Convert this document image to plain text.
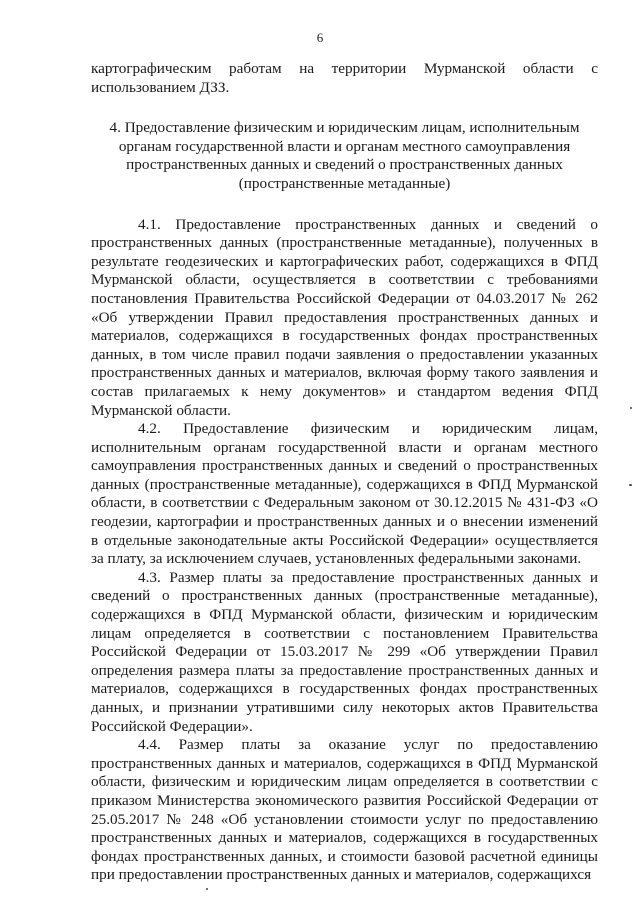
6

картографическим работам на территории Мурманской области с использованием ДЗЗ.

4. Предоставление физическим и юридическим лицам, исполнительным
органам государственной власти и органам местного самоуправления
пространственных данных и сведений о пространственных данных
(пространственные метаданные)

4.1. Предоставление пространственных данных и сведений о пространственных данных (пространственные метаданные), полученных в результате геодезических и картографических работ, содержащихся в ФПД Мурманской области, осуществляется в соответствии с требованиями постановления Правительства Российской Федерации от 04.03.2017 № 262 «Об утверждении Правил предоставления пространственных данных и материалов, содержащихся в государственных фондах пространственных данных, в том числе правил подачи заявления о предоставлении указанных пространственных данных и материалов, включая форму такого заявления и состав прилагаемых к нему документов» и стандартом ведения ФПД Мурманской области.

4.2. Предоставление физическим и юридическим лицам, исполнительным органам государственной власти и органам местного самоуправления пространственных данных и сведений о пространственных данных (пространственные метаданные), содержащихся в ФПД Мурманской области, в соответствии с Федеральным законом от 30.12.2015 № 431-ФЗ «О геодезии, картографии и пространственных данных и о внесении изменений в отдельные законодательные акты Российской Федерации» осуществляется за плату, за исключением случаев, установленных федеральными законами.

4.3. Размер платы за предоставление пространственных данных и сведений о пространственных данных (пространственные метаданные), содержащихся в ФПД Мурманской области, физическим и юридическим лицам определяется в соответствии с постановлением Правительства Российской Федерации от 15.03.2017 № 299 «Об утверждении Правил определения размера платы за предоставление пространственных данных и материалов, содержащихся в государственных фондах пространственных данных, и признании утратившими силу некоторых актов Правительства Российской Федерации».

4.4. Размер платы за оказание услуг по предоставлению пространственных данных и материалов, содержащихся в ФПД Мурманской области, физическим и юридическим лицам определяется в соответствии с приказом Министерства экономического развития Российской Федерации от 25.05.2017 № 248 «Об установлении стоимости услуг по предоставлению пространственных данных и материалов, содержащихся в государственных фондах пространственных данных, и стоимости базовой расчетной единицы при предоставлении пространственных данных и материалов, содержащихся
